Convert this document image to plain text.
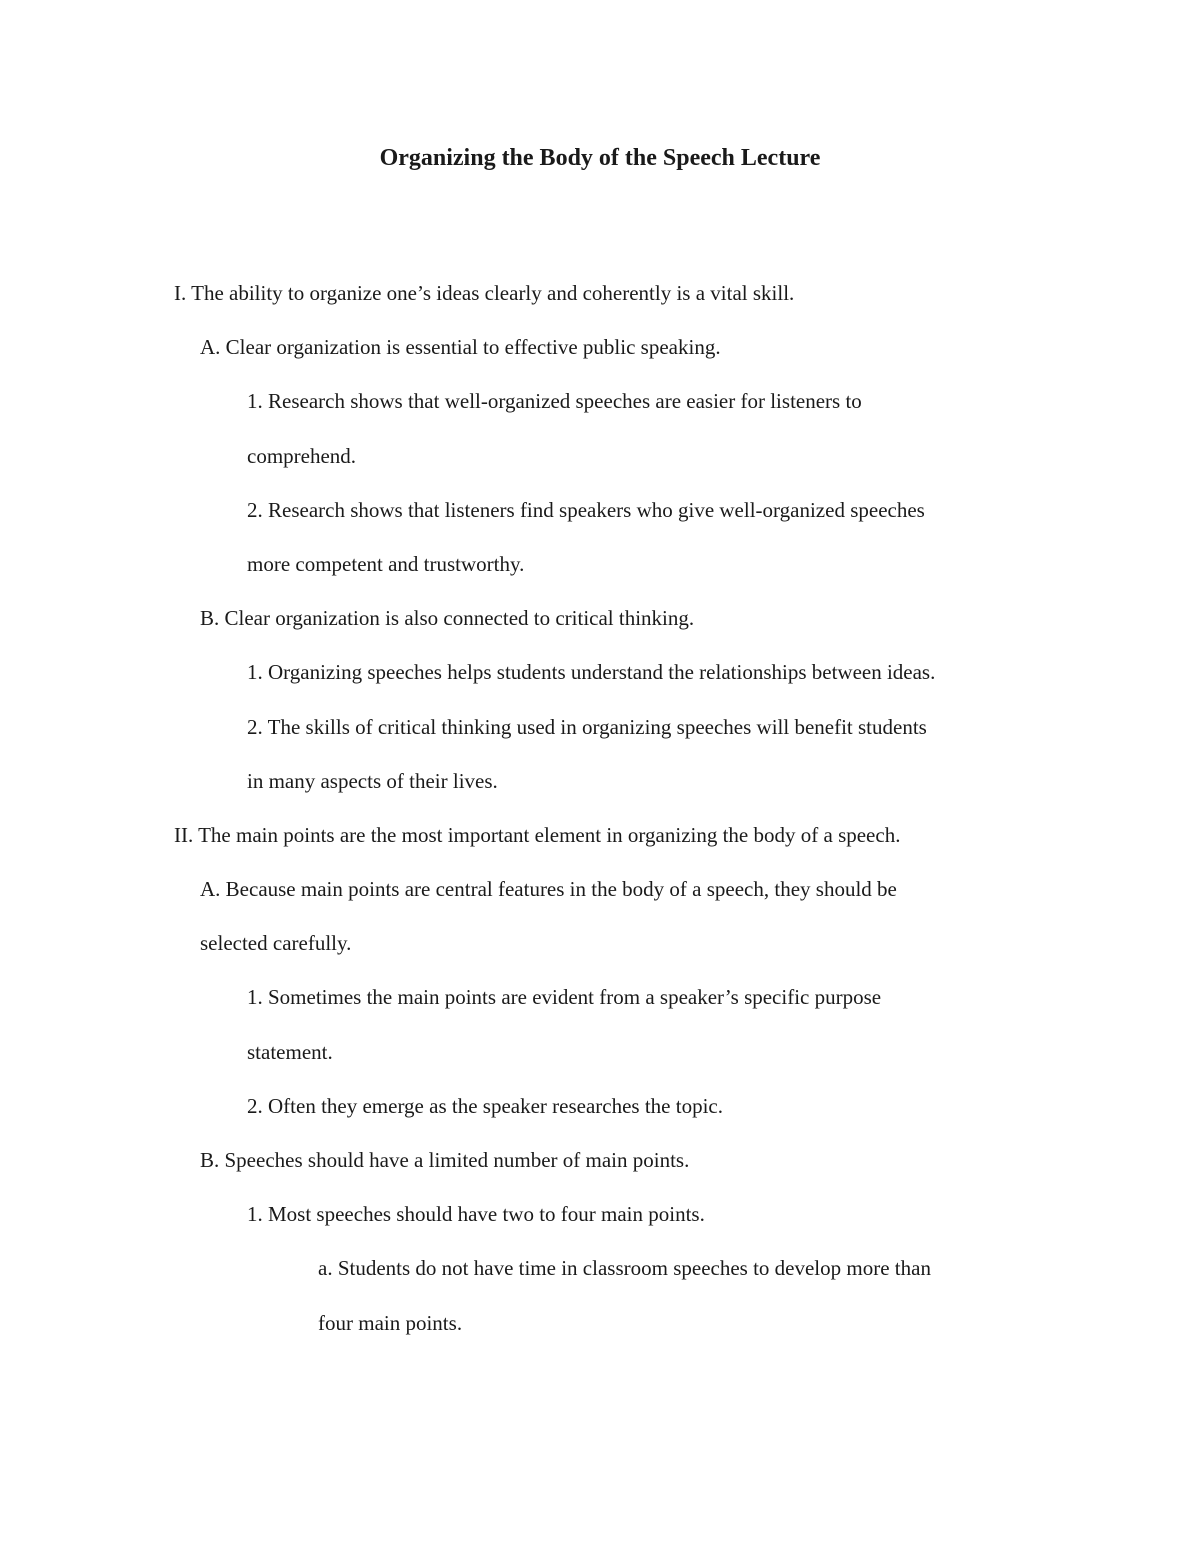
Organizing the Body of the Speech Lecture

I. The ability to organize one’s ideas clearly and coherently is a vital skill.

A. Clear organization is essential to effective public speaking.

1. Research shows that well-organized speeches are easier for listeners to

comprehend.

2. Research shows that listeners find speakers who give well-organized speeches

more competent and trustworthy.

B. Clear organization is also connected to critical thinking.

1. Organizing speeches helps students understand the relationships between ideas.

2. The skills of critical thinking used in organizing speeches will benefit students

in many aspects of their lives.

II. The main points are the most important element in organizing the body of a speech.

A. Because main points are central features in the body of a speech, they should be

selected carefully.

1. Sometimes the main points are evident from a speaker’s specific purpose

statement.

2. Often they emerge as the speaker researches the topic.

B. Speeches should have a limited number of main points.

1. Most speeches should have two to four main points.

a. Students do not have time in classroom speeches to develop more than

four main points.
